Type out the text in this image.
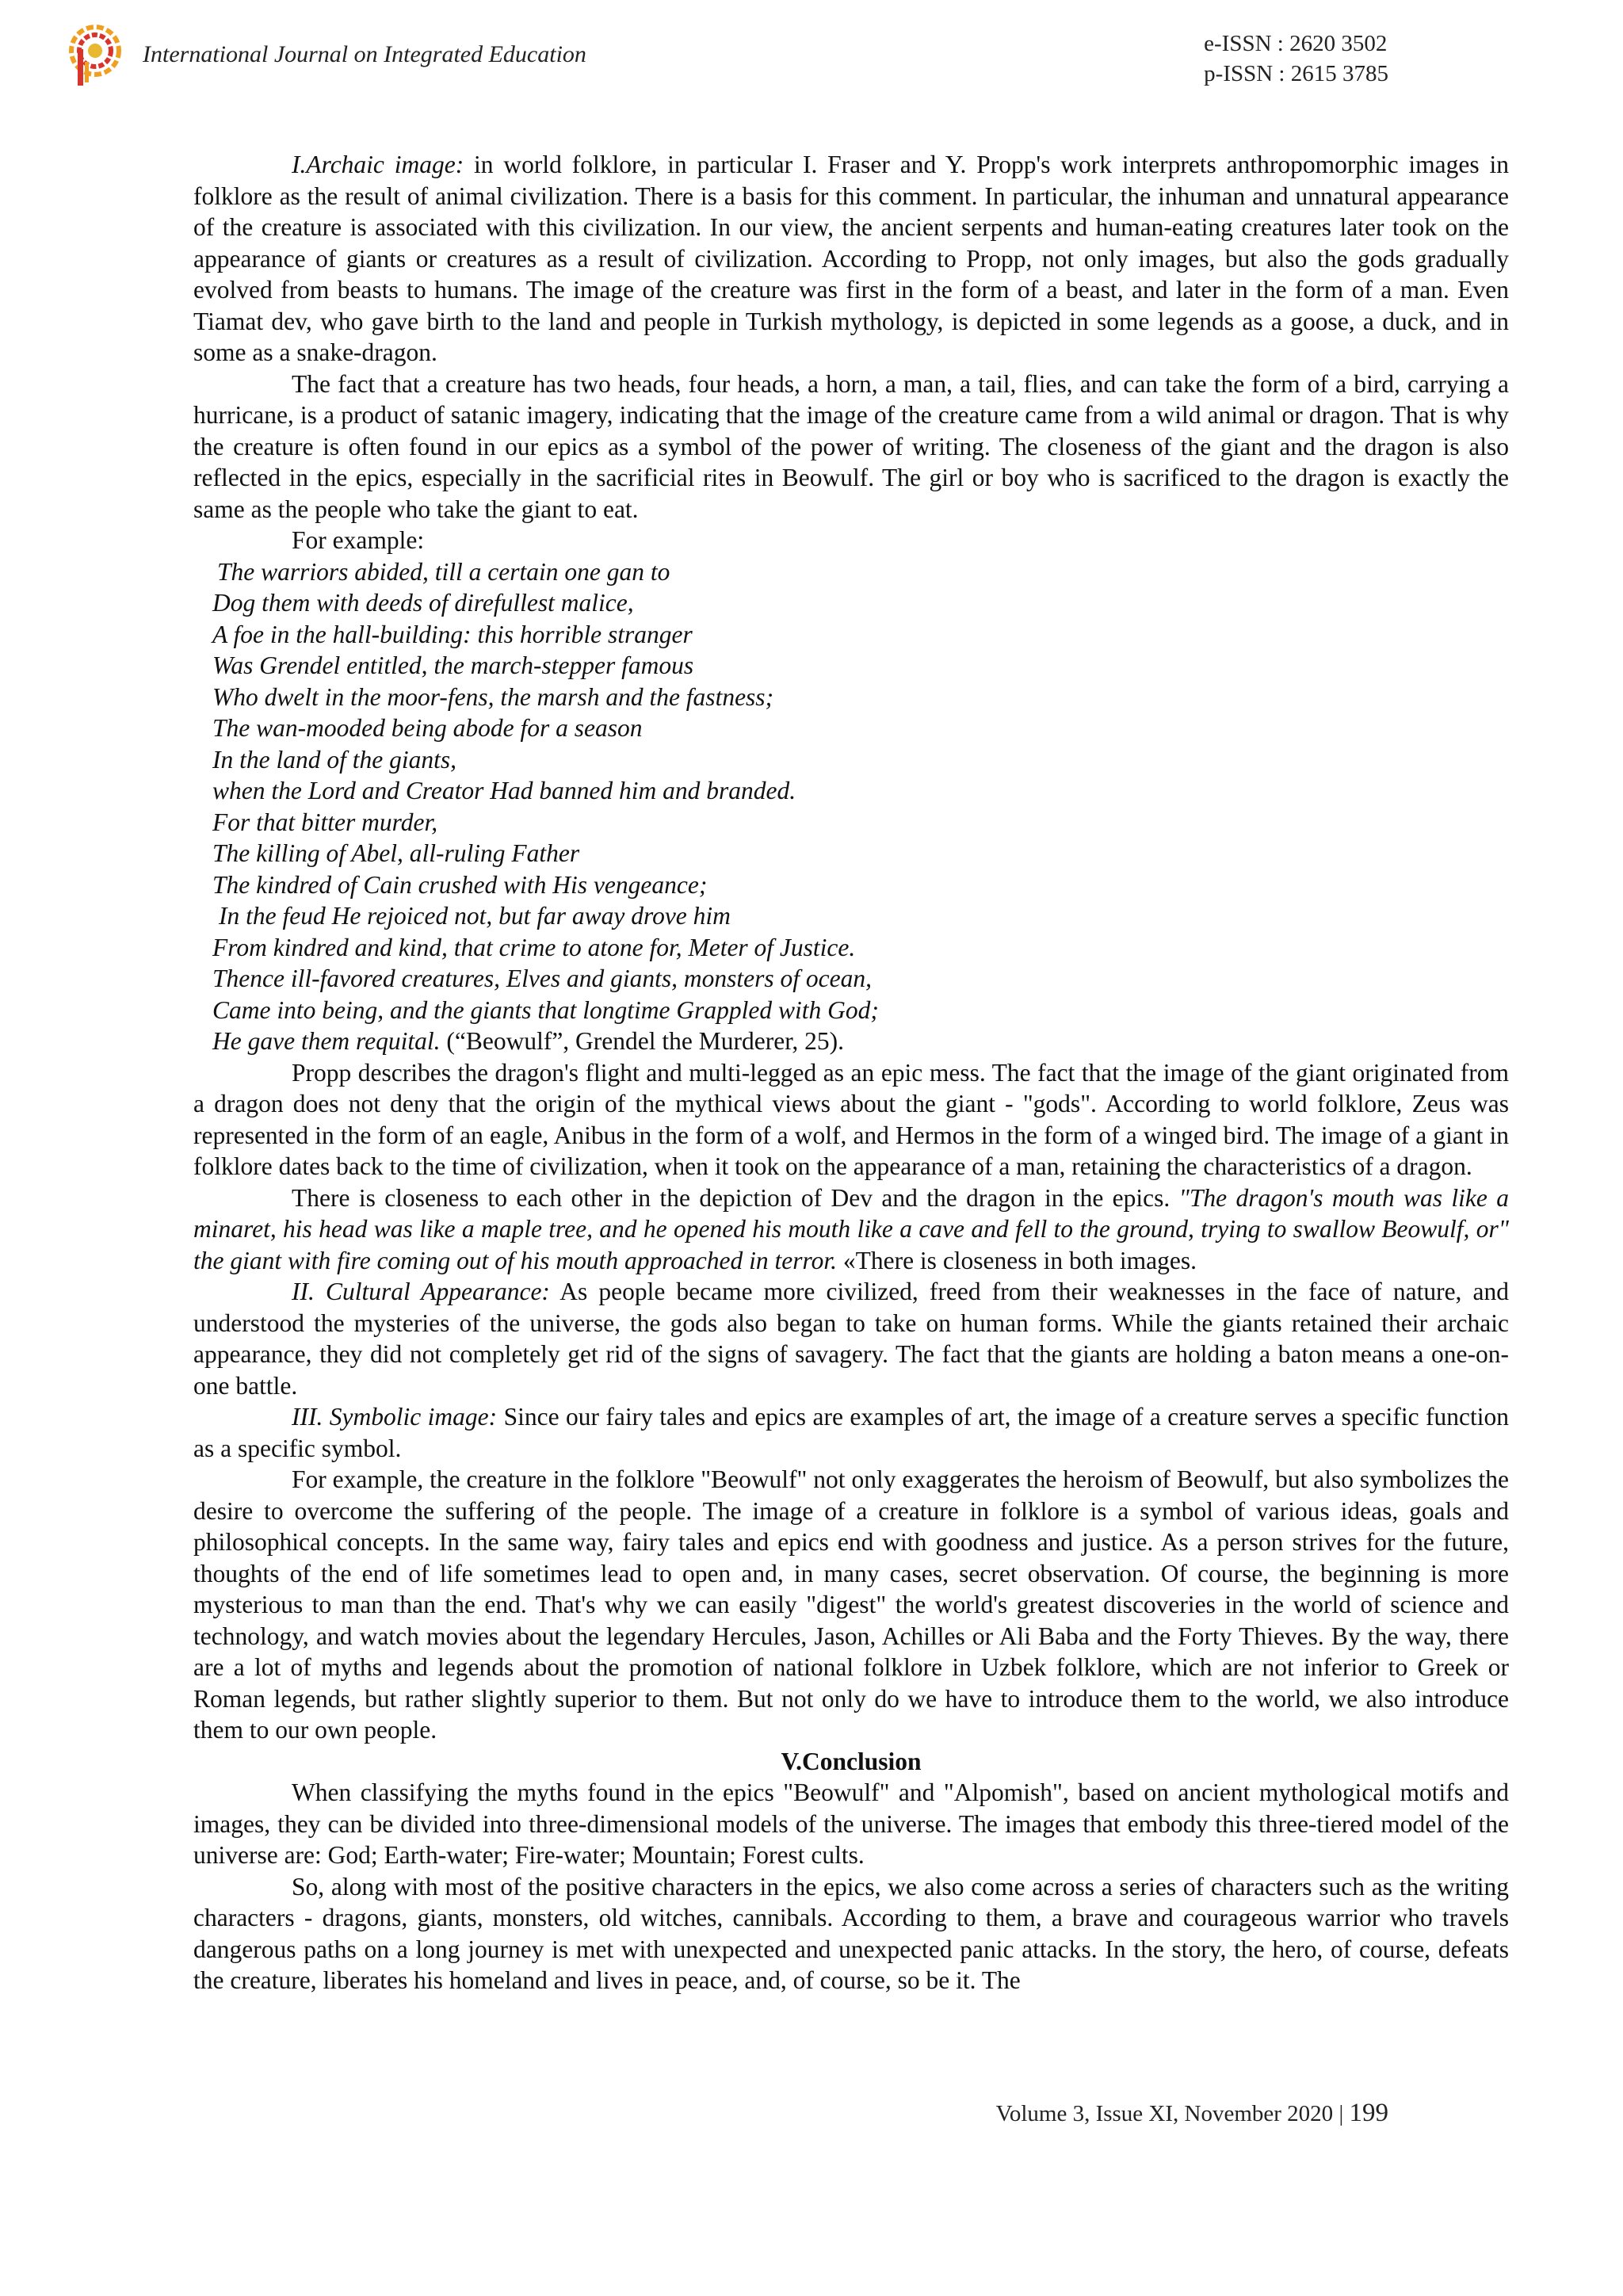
International Journal on Integrated Education	e-ISSN : 2620 3502
p-ISSN : 2615 3785

I.Archaic image: in world folklore, in particular I. Fraser and Y. Propp's work interprets anthropomorphic images in folklore as the result of animal civilization. There is a basis for this comment. In particular, the inhuman and unnatural appearance of the creature is associated with this civilization. In our view, the ancient serpents and human-eating creatures later took on the appearance of giants or creatures as a result of civilization. According to Propp, not only images, but also the gods gradually evolved from beasts to humans. The image of the creature was first in the form of a beast, and later in the form of a man. Even Tiamat dev, who gave birth to the land and people in Turkish mythology, is depicted in some legends as a goose, a duck, and in some as a snake-dragon.

The fact that a creature has two heads, four heads, a horn, a man, a tail, flies, and can take the form of a bird, carrying a hurricane, is a product of satanic imagery, indicating that the image of the creature came from a wild animal or dragon. That is why the creature is often found in our epics as a symbol of the power of writing. The closeness of the giant and the dragon is also reflected in the epics, especially in the sacrificial rites in Beowulf. The girl or boy who is sacrificed to the dragon is exactly the same as the people who take the giant to eat.

For example:

The warriors abided, till a certain one gan to
Dog them with deeds of direfullest malice,
A foe in the hall-building: this horrible stranger
Was Grendel entitled, the march-stepper famous
Who dwelt in the moor-fens, the marsh and the fastness;
The wan-mooded being abode for a season
In the land of the giants,
when the Lord and Creator Had banned him and branded.
For that bitter murder,
The killing of Abel, all-ruling Father
The kindred of Cain crushed with His vengeance;
In the feud He rejoiced not, but far away drove him
From kindred and kind, that crime to atone for, Meter of Justice.
Thence ill-favored creatures, Elves and giants, monsters of ocean,
Came into being, and the giants that longtime Grappled with God;
He gave them requital. (“Beowulf”, Grendel the Murderer, 25).

Propp describes the dragon's flight and multi-legged as an epic mess. The fact that the image of the giant originated from a dragon does not deny that the origin of the mythical views about the giant - "gods". According to world folklore, Zeus was represented in the form of an eagle, Anibus in the form of a wolf, and Hermos in the form of a winged bird. The image of a giant in folklore dates back to the time of civilization, when it took on the appearance of a man, retaining the characteristics of a dragon.

There is closeness to each other in the depiction of Dev and the dragon in the epics. "The dragon's mouth was like a minaret, his head was like a maple tree, and he opened his mouth like a cave and fell to the ground, trying to swallow Beowulf, or" the giant with fire coming out of his mouth approached in terror. «There is closeness in both images.

II. Cultural Appearance: As people became more civilized, freed from their weaknesses in the face of nature, and understood the mysteries of the universe, the gods also began to take on human forms. While the giants retained their archaic appearance, they did not completely get rid of the signs of savagery. The fact that the giants are holding a baton means a one-on-one battle.

III. Symbolic image: Since our fairy tales and epics are examples of art, the image of a creature serves a specific function as a specific symbol.

For example, the creature in the folklore "Beowulf" not only exaggerates the heroism of Beowulf, but also symbolizes the desire to overcome the suffering of the people. The image of a creature in folklore is a symbol of various ideas, goals and philosophical concepts. In the same way, fairy tales and epics end with goodness and justice. As a person strives for the future, thoughts of the end of life sometimes lead to open and, in many cases, secret observation. Of course, the beginning is more mysterious to man than the end. That's why we can easily "digest" the world's greatest discoveries in the world of science and technology, and watch movies about the legendary Hercules, Jason, Achilles or Ali Baba and the Forty Thieves. By the way, there are a lot of myths and legends about the promotion of national folklore in Uzbek folklore, which are not inferior to Greek or Roman legends, but rather slightly superior to them. But not only do we have to introduce them to the world, we also introduce them to our own people.

V.Conclusion

When classifying the myths found in the epics "Beowulf" and "Alpomish", based on ancient mythological motifs and images, they can be divided into three-dimensional models of the universe. The images that embody this three-tiered model of the universe are: God; Earth-water; Fire-water; Mountain; Forest cults.

So, along with most of the positive characters in the epics, we also come across a series of characters such as the writing characters - dragons, giants, monsters, old witches, cannibals. According to them, a brave and courageous warrior who travels dangerous paths on a long journey is met with unexpected and unexpected panic attacks. In the story, the hero, of course, defeats the creature, liberates his homeland and lives in peace, and, of course, so be it. The

Volume 3, Issue XI, November 2020 | 199
